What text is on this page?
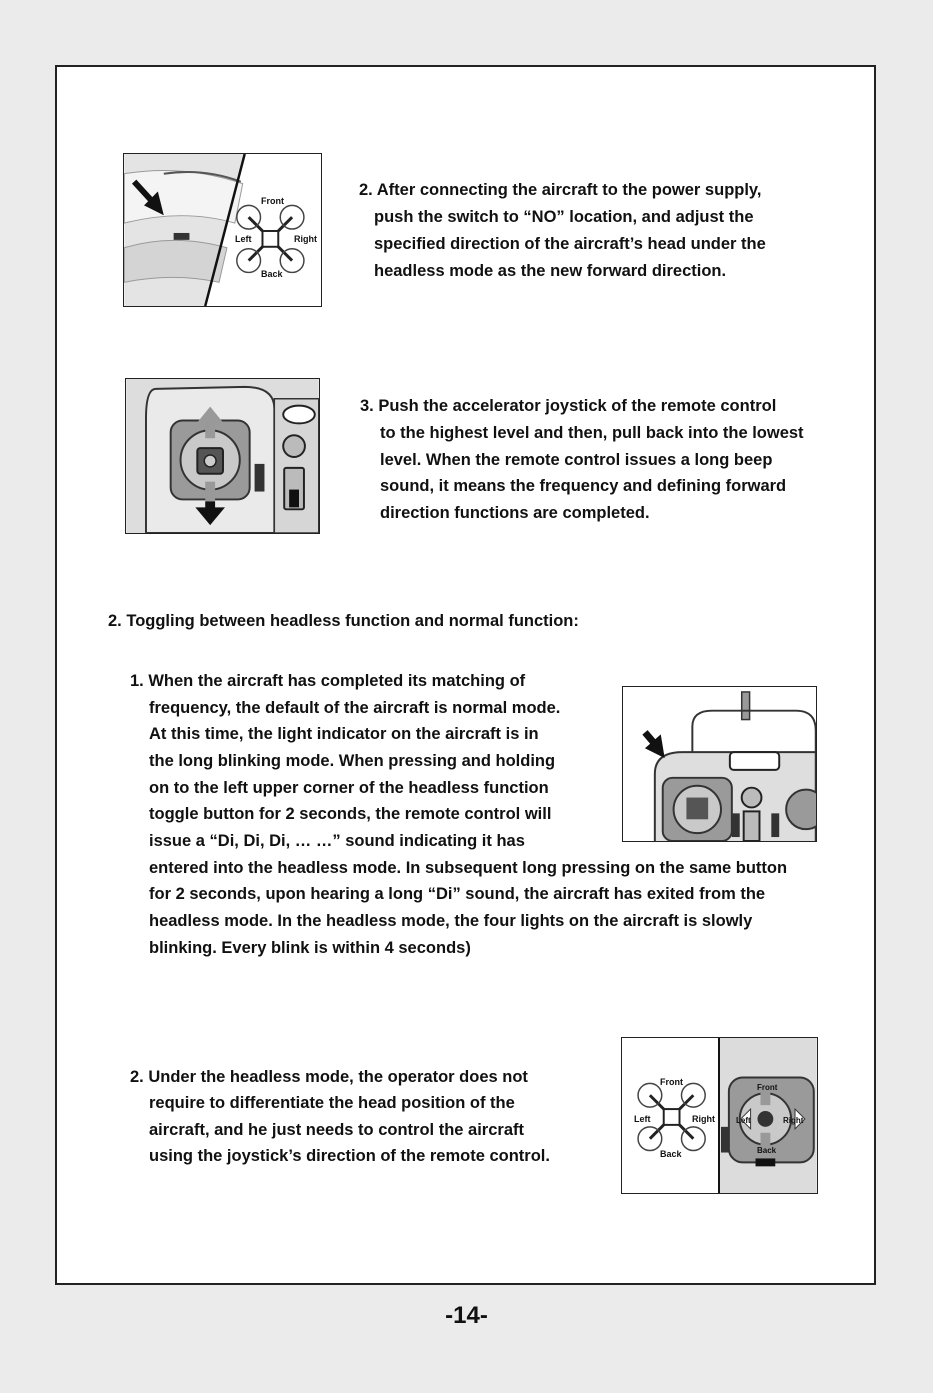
Front
Left	Right
Back
2. After connecting the aircraft to the power supply,
push the switch to “NO” location, and adjust the
specified direction of the aircraft’s head under the
headless mode as the new forward direction.
3. Push the accelerator joystick of the remote control
to the highest level and then, pull back into the lowest
level. When the remote control issues a long beep
sound, it means the frequency and defining forward
direction functions are completed.
2. Toggling between headless function and normal function:
1. When the aircraft has completed its matching of
frequency, the default of the aircraft is normal mode.
At this time, the light indicator on the aircraft is in
the long blinking mode. When pressing and holding
on to the left upper corner of the headless function
toggle button for 2 seconds, the remote control will
issue a “Di, Di, Di, … …” sound indicating it has
entered into the headless mode. In subsequent long pressing on the same button
for 2 seconds, upon hearing a long “Di” sound, the aircraft has exited from the
headless mode. In the headless mode, the four lights on the aircraft is slowly
blinking. Every blink is within 4 seconds)
2. Under the headless mode, the operator does not
require to differentiate the head position of the
aircraft, and he just needs to control the aircraft
using the joystick’s direction of the remote control.
Front
Left	Right
Back
Front
Left	Right
Back
-14-
